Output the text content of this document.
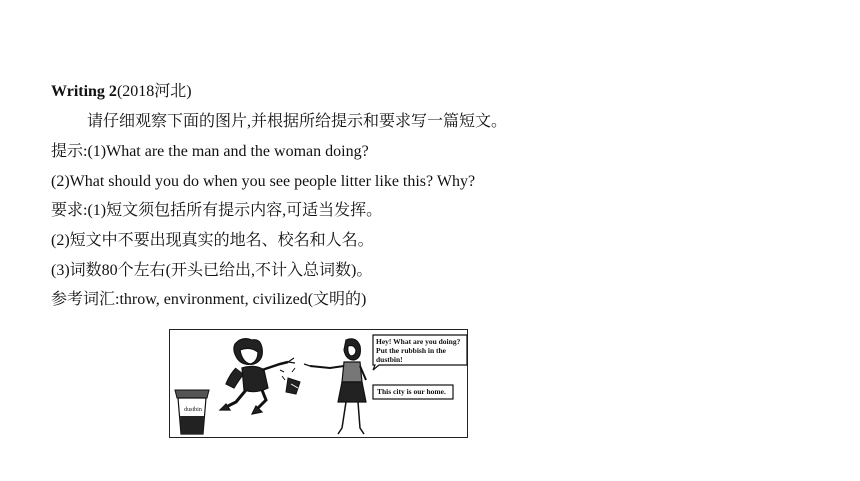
Writing 2(2018河北)
请仔细观察下面的图片,并根据所给提示和要求写一篇短文。
提示:(1)What are the man and the woman doing?
(2)What should you do when you see people litter like this? Why?
要求:(1)短文须包括所有提示内容,可适当发挥。
(2)短文中不要出现真实的地名、校名和人名。
(3)词数80个左右(开头已给出,不计入总词数)。
参考词汇:throw, environment, civilized(文明的)
dustbin
Hey! What are you doing?
Put the rubbish in the
dustbin!
This city is our home.
